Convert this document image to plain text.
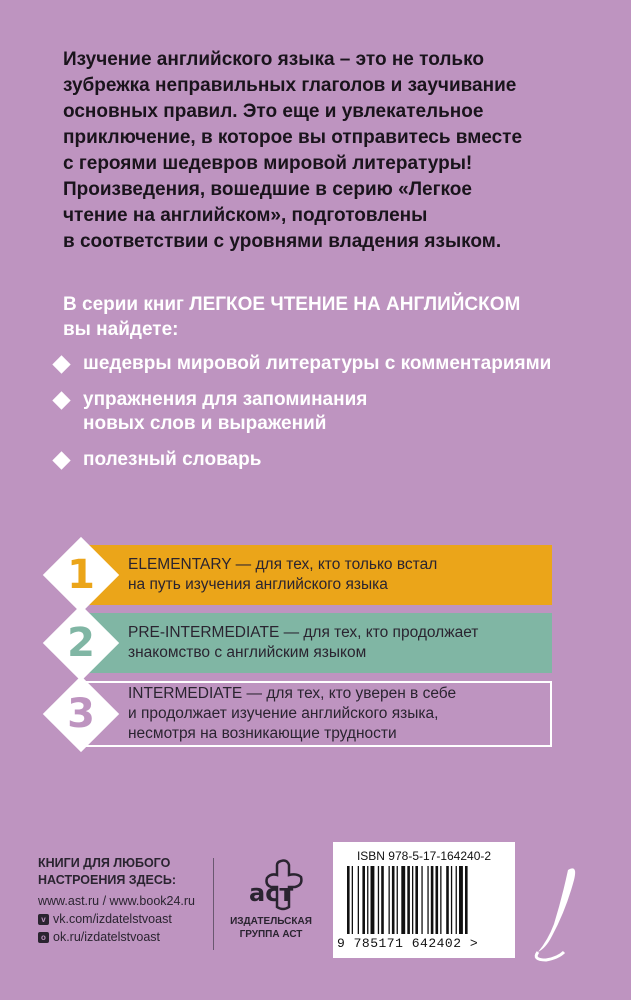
Изучение английского языка – это не только

зубрежка неправильных глаголов и заучивание

основных правил. Это еще и увлекательное

приключение, в которое вы отправитесь вместе

с героями шедевров мировой литературы!

Произведения, вошедшие в серию «Легкое

чтение на английском», подготовлены

в соответствии с уровнями владения языком.

В серии книг ЛЕГКОЕ ЧТЕНИЕ НА АНГЛИЙСКОМ

вы найдете:

шедевры мировой литературы с комментариями
упражнения для запоминания
новых слов и выражений
полезный словарь
ELEMENTARY — для тех, кто только встал
на путь изучения английского языка
PRE-INTERMEDIATE — для тех, кто продолжает
знакомство с английским языком
INTERMEDIATE — для тех, кто уверен в себе
и продолжает изучение английского языка,
несмотря на возникающие трудности
1
2
3

КНИГИ ДЛЯ ЛЮБОГО

НАСТРОЕНИЯ ЗДЕСЬ:

www.ast.ru / www.book24.ru

v vk.com/izdatelstvoast

o ok.ru/izdatelstvoast

аст

ИЗДАТЕЛЬСКАЯ

ГРУППА АСТ

ISBN 978-5-17-164240-2
9 785171 642402 >
